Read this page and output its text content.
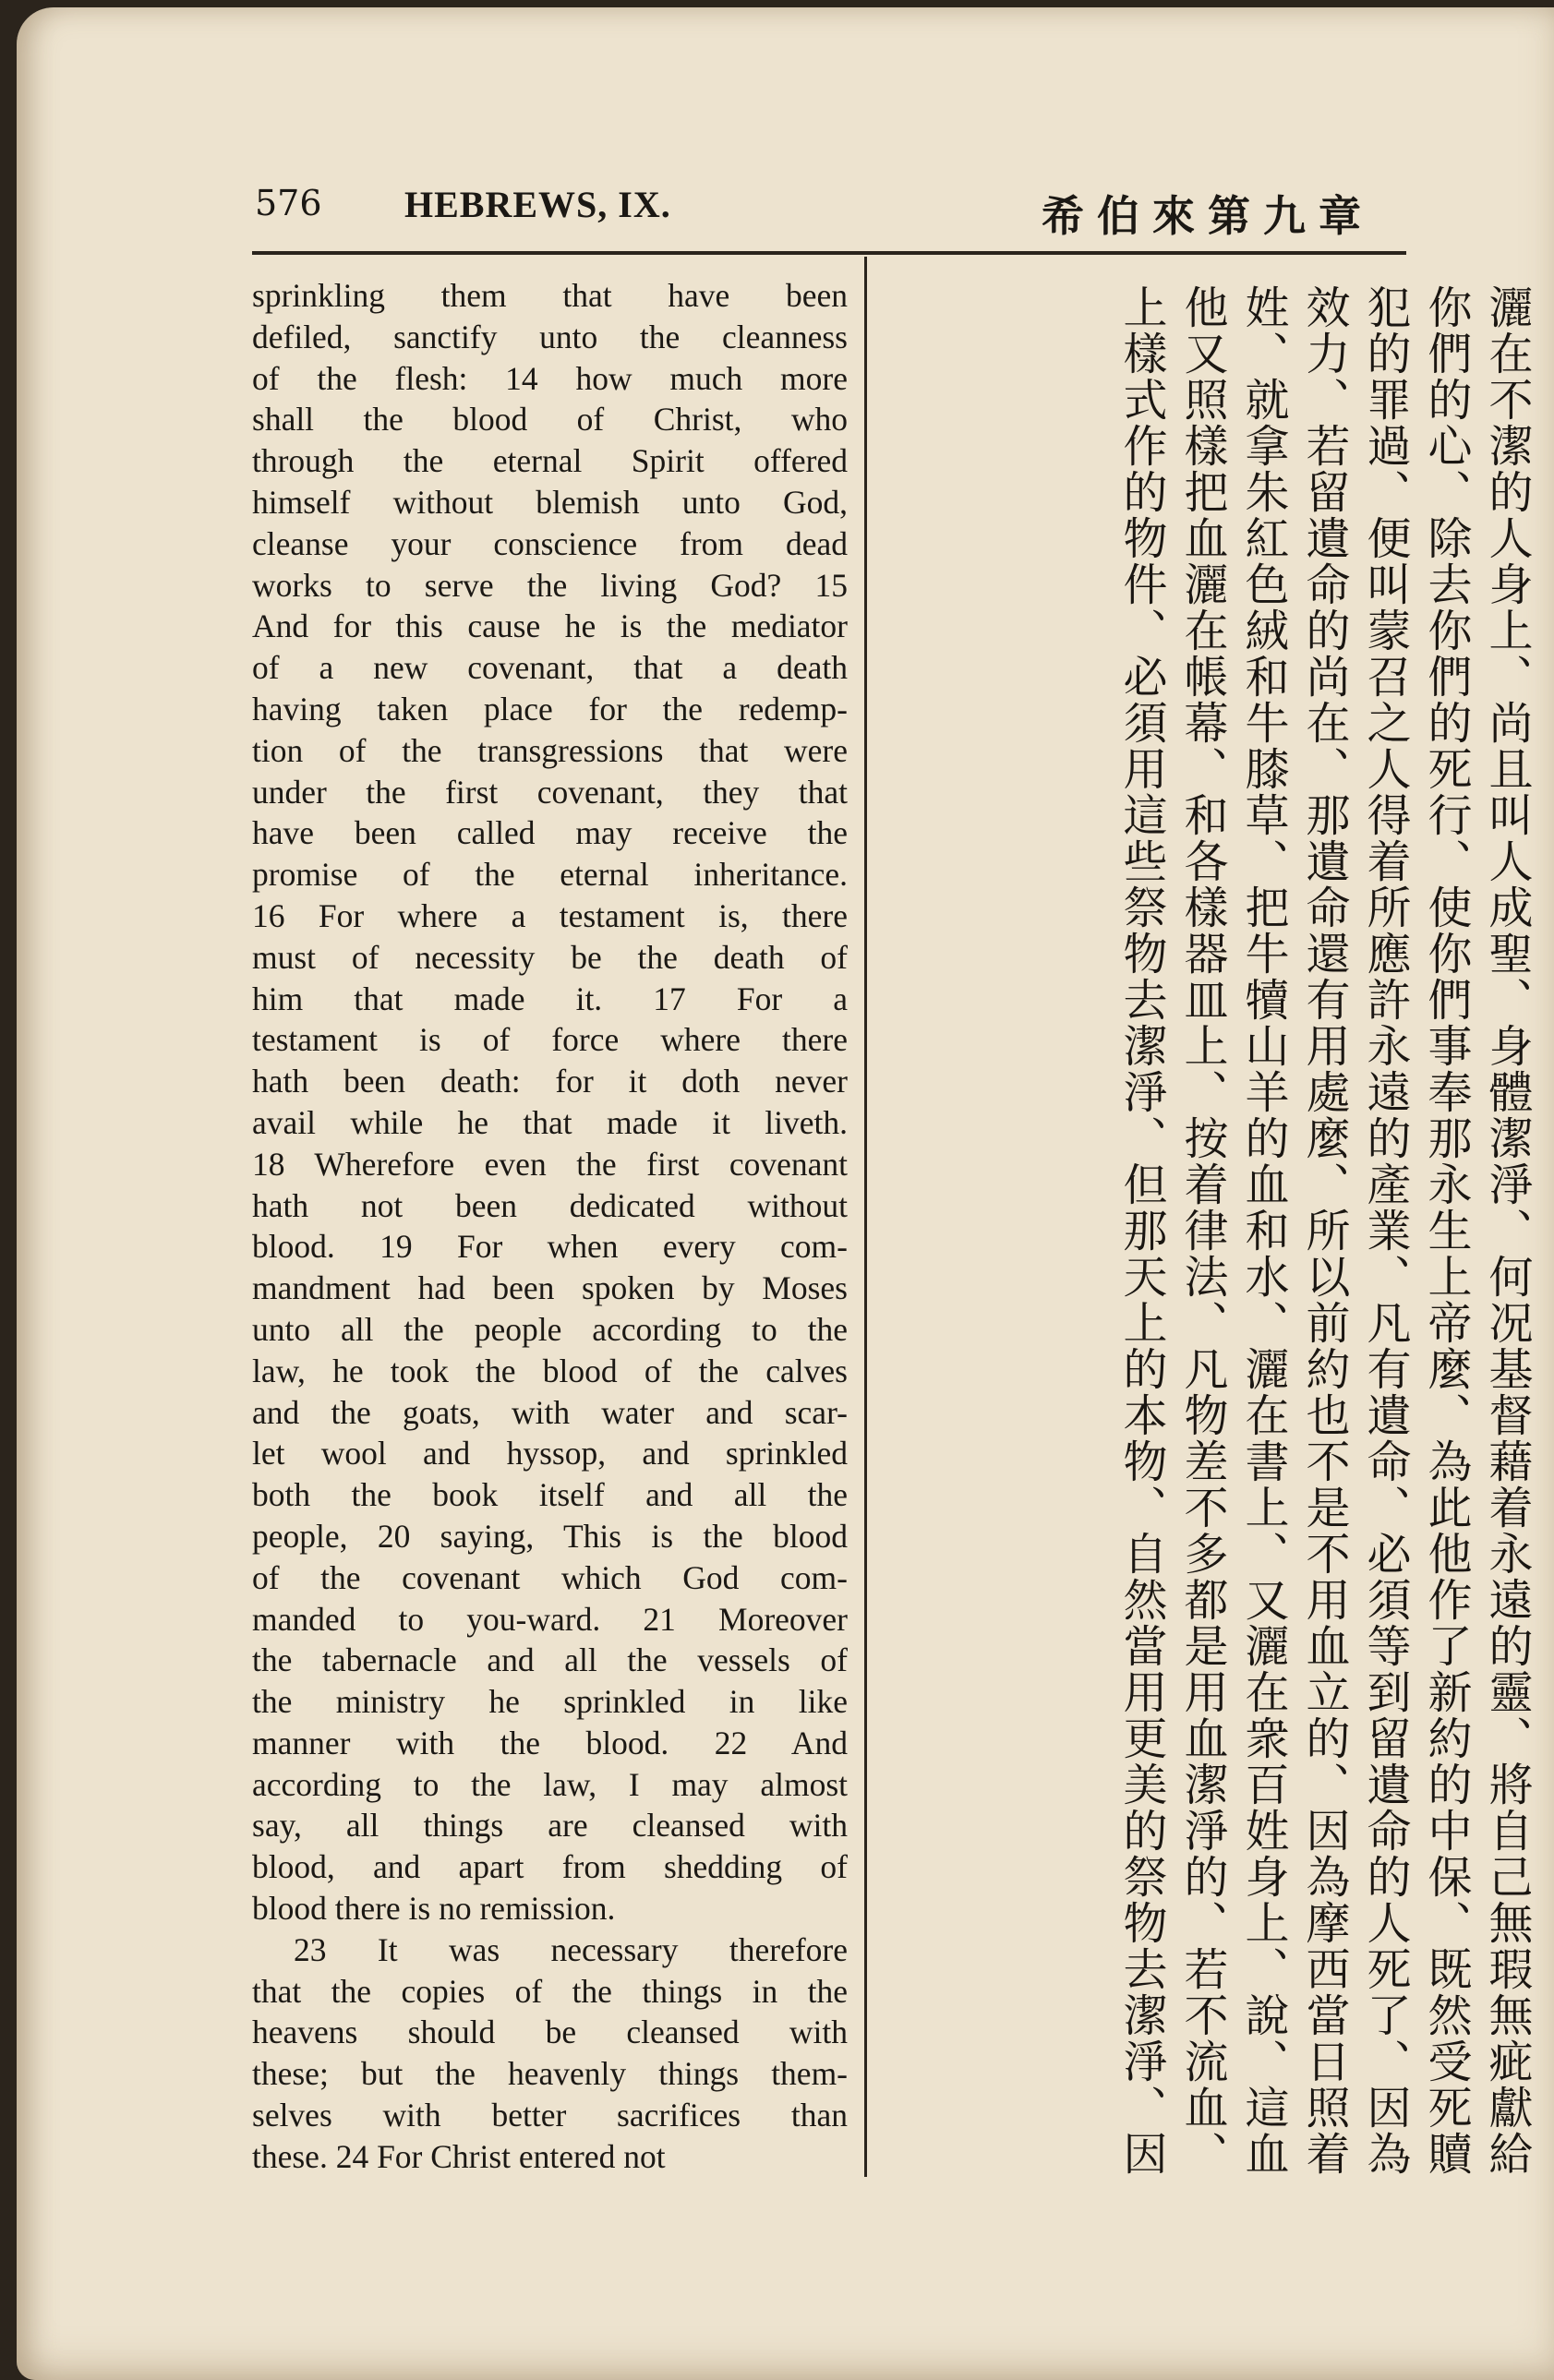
576 HEBREWS, IX.	希伯來第九章
sprinkling them that have been
defiled, sanctify unto the cleanness
of the flesh: 14 how much more
shall the blood of Christ, who
through the eternal Spirit offered
himself without blemish unto God,
cleanse your conscience from dead
works to serve the living God? 15
And for this cause he is the mediator
of a new covenant, that a death
having taken place for the redemp-
tion of the transgressions that were
under the first covenant, they that
have been called may receive the
promise of the eternal inheritance.
16 For where a testament is, there
must of necessity be the death of
him that made it. 17 For a
testament is of force where there
hath been death: for it doth never
avail while he that made it liveth.
18 Wherefore even the first covenant
hath not been dedicated without
blood. 19 For when every com-
mandment had been spoken by Moses
unto all the people according to the
law, he took the blood of the calves
and the goats, with water and scar-
let wool and hyssop, and sprinkled
both the book itself and all the
people, 20 saying, This is the blood
of the covenant which God com-
manded to you-ward. 21 Moreover
the tabernacle and all the vessels of
the ministry he sprinkled in like
manner with the blood. 22 And
according to the law, I may almost
say, all things are cleansed with
blood, and apart from shedding of
blood there is no remission.
23 It was necessary therefore
that the copies of the things in the
heavens should be cleansed with
these; but the heavenly things them-
selves with better sacrifices than
these. 24 For Christ entered not
灑在不潔的人身上、尚且叫人成聖、身體潔淨、何况基督藉着永遠的靈、將自己無瑕無疵獻給你們的心、除去你們的死行、使你們事奉那永生上帝麼、為此他作了新約的中保、既然受死贖犯的罪過、便叫蒙召之人得着所應許永遠的產業、凡有遺命、必須等到留遺命的人死了、因為效力、若留遺命的尚在、那遺命還有用處麼、所以前約也不是不用血立的、因為摩西當日照着姓、就拿朱紅色絨和牛膝草、把牛犢山羊的血和水、灑在書上、又灑在衆百姓身上、說、這血他又照樣把血灑在帳幕、和各樣器皿上、按着律法、凡物差不多都是用血潔淨的、若不流血、上樣式作的物件、必須用這些祭物去潔淨、但那天上的本物、自然當用更美的祭物去潔淨、因
